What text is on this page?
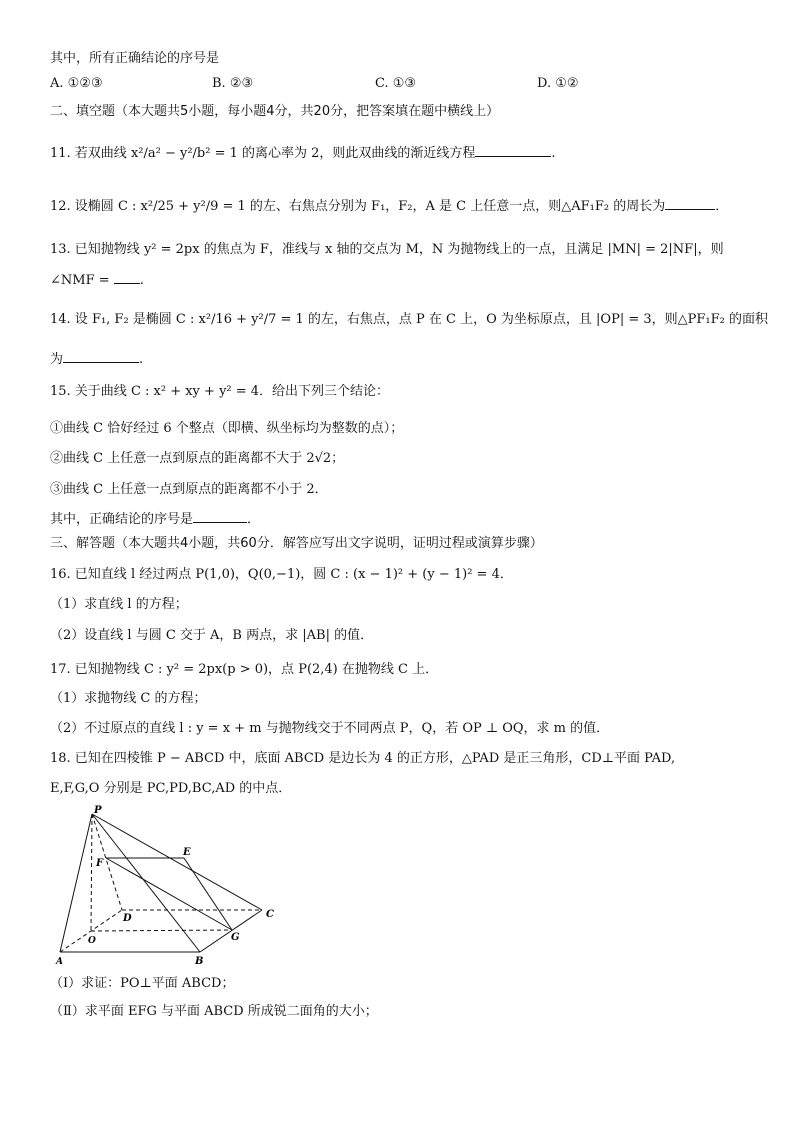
其中，所有正确结论的序号是
A. ①②③	B. ②③	C. ①③	D. ①②
二、填空题（本大题共5小题，每小题4分，共20分，把答案填在题中横线上）
11. 若双曲线 x²/a² − y²/b² = 1 的离心率为 2，则此双曲线的渐近线方程	.
12. 设椭圆 C : x²/25 + y²/9 = 1 的左、右焦点分别为 F₁，F₂，A 是 C 上任意一点，则△AF₁F₂ 的周长为	．
13. 已知抛物线 y² = 2px 的焦点为 F，准线与 x 轴的交点为 M，N 为抛物线上的一点，且满足 |MN| = 2|NF|，则
∠NMF = .
14. 设 F₁, F₂ 是椭圆 C : x²/16 + y²/7 = 1 的左，右焦点，点 P 在 C 上，O 为坐标原点，且 |OP| = 3，则△PF₁F₂ 的面积
为	.
15. 关于曲线 C : x² + xy + y² = 4．给出下列三个结论：
①曲线 C 恰好经过 6 个整点（即横、纵坐标均为整数的点）；
②曲线 C 上任意一点到原点的距离都不大于 2√2；
③曲线 C 上任意一点到原点的距离都不小于 2．
其中，正确结论的序号是	．
三、解答题（本大题共4小题，共60分．解答应写出文字说明，证明过程或演算步骤）
16. 已知直线 l 经过两点 P(1,0)，Q(0,−1)，圆 C : (x − 1)² + (y − 1)² = 4．
（1）求直线 l 的方程；
（2）设直线 l 与圆 C 交于 A，B 两点，求 |AB| 的值．
17. 已知抛物线 C : y² = 2px(p > 0)，点 P(2,4) 在抛物线 C 上．
（1）求抛物线 C 的方程；
（2）不过原点的直线 l : y = x + m 与抛物线交于不同两点 P，Q，若 OP ⊥ OQ，求 m 的值．
18. 已知在四棱锥 P − ABCD 中，底面 ABCD 是边长为 4 的正方形，△PAD 是正三角形，CD⊥平面 PAD,
E,F,G,O 分别是 PC,PD,BC,AD 的中点．
P
E
F
D	C
O	G
A	B
（Ⅰ）求证：PO⊥平面 ABCD；
（Ⅱ）求平面 EFG 与平面 ABCD 所成锐二面角的大小；
